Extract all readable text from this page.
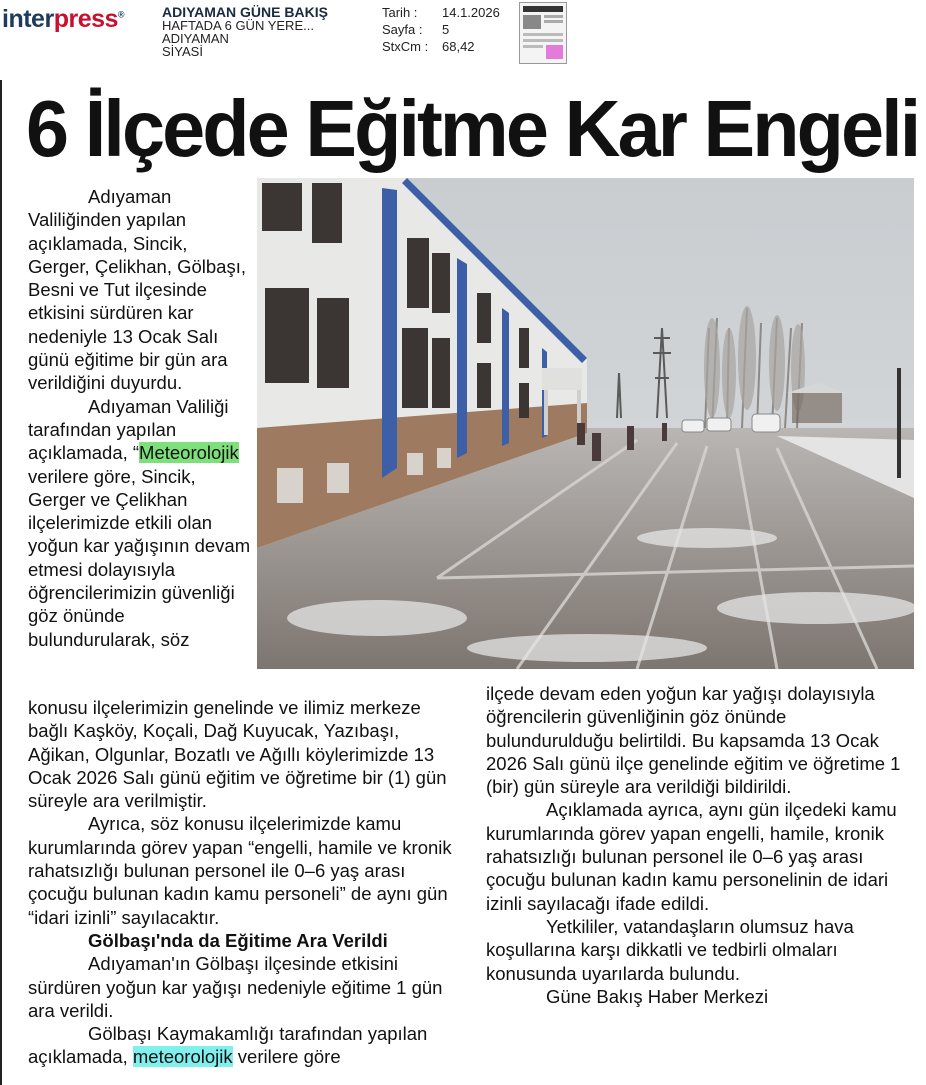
interpress®	ADIYAMAN GÜNE BAKIŞ
HAFTADA 6 GÜN YERE...
ADIYAMAN
SİYASİ
Tarih :	14.1.2026
Sayfa :	5
StxCm :	68,42
6 İlçede Eğitme Kar Engeli

Adıyaman Valiliğinden yapılan açıklamada, Sincik, Gerger, Çelikhan, Gölbaşı, Besni ve Tut ilçesinde etkisini sürdüren kar nedeniyle 13 Ocak Salı günü eğitime bir gün ara verildiğini duyurdu.

Adıyaman Valiliği tarafından yapılan açıklamada, “Meteorolojik verilere göre, Sincik, Gerger ve Çelikhan ilçelerimizde etkili olan yoğun kar yağışının devam etmesi dolayısıyla öğrencilerimizin güvenliği göz önünde bulundurularak, söz

konusu ilçelerimizin genelinde ve ilimiz merkeze bağlı Kaşköy, Koçali, Dağ Kuyucak, Yazıbaşı, Ağikan, Olgunlar, Bozatlı ve Ağıllı köylerimizde 13 Ocak 2026 Salı günü eğitim ve öğretime bir (1) gün süreyle ara verilmiştir.

Ayrıca, söz konusu ilçelerimizde kamu kurumlarında görev yapan “engelli, hamile ve kronik rahatsızlığı bulunan personel ile 0–6 yaş arası çocuğu bulunan kadın kamu personeli” de aynı gün “idari izinli” sayılacaktır.

Gölbaşı'nda da Eğitime Ara Verildi

Adıyaman'ın Gölbaşı ilçesinde etkisini sürdüren yoğun kar yağışı nedeniyle eğitime 1 gün ara verildi.

Gölbaşı Kaymakamlığı tarafından yapılan açıklamada, meteorolojik verilere göre

ilçede devam eden yoğun kar yağışı dolayısıyla öğrencilerin güvenliğinin göz önünde bulundurulduğu belirtildi. Bu kapsamda 13 Ocak 2026 Salı günü ilçe genelinde eğitim ve öğretime 1 (bir) gün süreyle ara verildiği bildirildi.

Açıklamada ayrıca, aynı gün ilçedeki kamu kurumlarında görev yapan engelli, hamile, kronik rahatsızlığı bulunan personel ile 0–6 yaş arası çocuğu bulunan kadın kamu personelinin de idari izinli sayılacağı ifade edildi.

Yetkililer, vatandaşların olumsuz hava koşullarına karşı dikkatli ve tedbirli olmaları konusunda uyarılarda bulundu.

Güne Bakış Haber Merkezi
